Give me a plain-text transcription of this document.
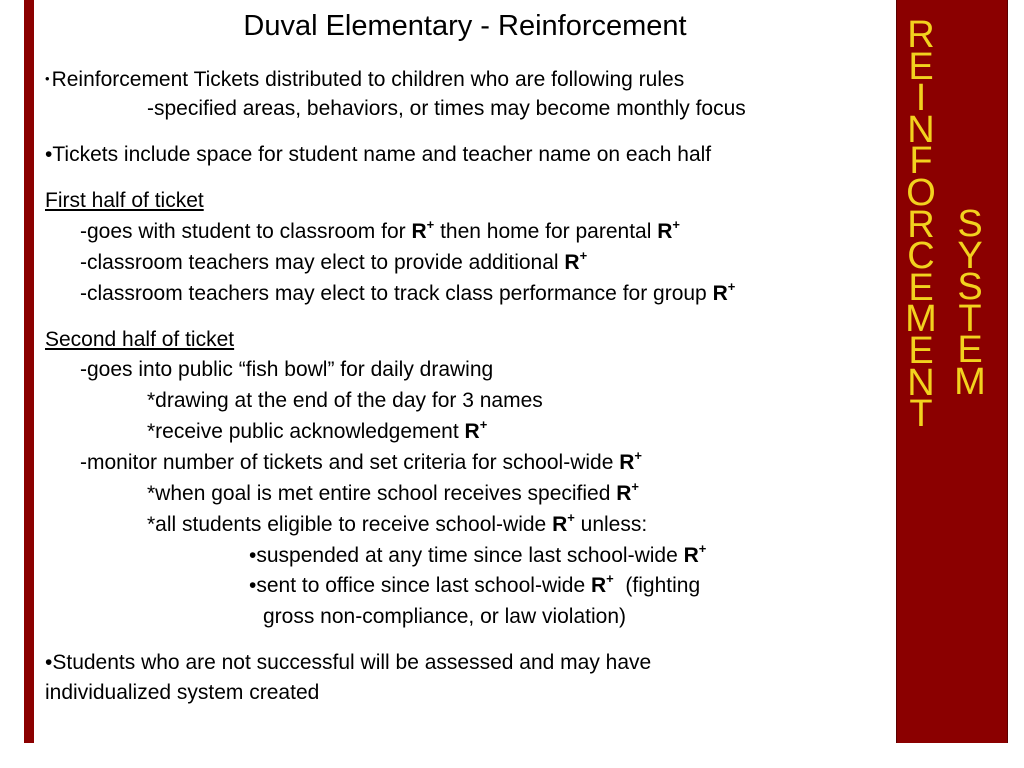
Duval Elementary - Reinforcement
•Reinforcement Tickets distributed to children who are following rules
-specified areas, behaviors, or times may become monthly focus
•Tickets include space for student name and teacher name on each half
First half of ticket
-goes with student to classroom for R+ then home for parental R+
-classroom teachers may elect to provide additional R+
-classroom teachers may elect to track class performance for group R+
Second half of ticket
-goes into public “fish bowl” for daily drawing
*drawing at the end of the day for 3 names
*receive public acknowledgement R+
-monitor number of tickets and set criteria for school-wide R+
*when goal is met entire school receives specified R+
*all students eligible to receive school-wide R+ unless:
•suspended at any time since last school-wide R+
•sent to office since last school-wide R+  (fighting
gross non-compliance, or law violation)
•Students who are not successful will be assessed and may have
individualized system created
R
E
I
N
F
O
R
C
E
M
E
N
T
S
Y
S
T
E
M
